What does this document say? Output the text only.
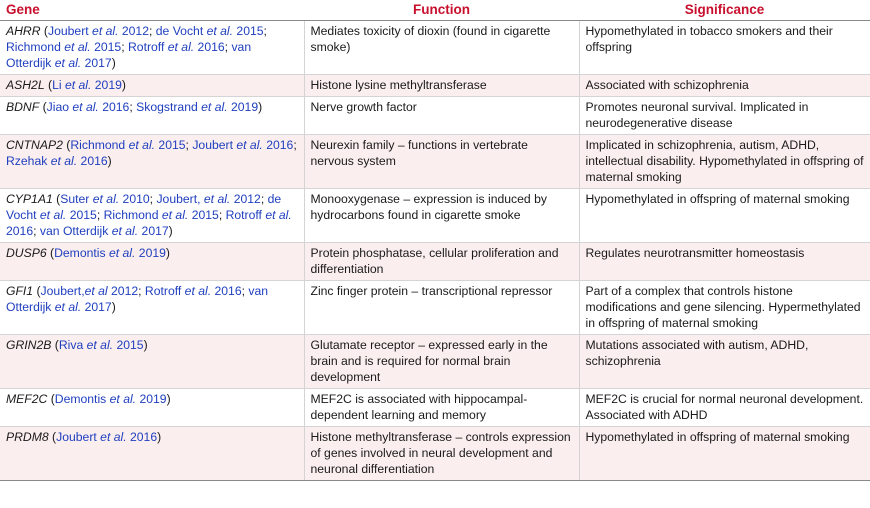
Gene	Function	Significance
AHRR (Joubert et al. 2012; de Vocht et al. 2015; Richmond et al. 2015; Rotroff et al. 2016; van Otterdijk et al. 2017)	Mediates toxicity of dioxin (found in cigarette smoke)	Hypomethylated in tobacco smokers and their offspring
ASH2L (Li et al. 2019)	Histone lysine methyltransferase	Associated with schizophrenia
BDNF (Jiao et al. 2016; Skogstrand et al. 2019)	Nerve growth factor	Promotes neuronal survival. Implicated in neurodegenerative disease
CNTNAP2 (Richmond et al. 2015; Joubert et al. 2016; Rzehak et al. 2016)	Neurexin family – functions in vertebrate nervous system	Implicated in schizophrenia, autism, ADHD, intellectual disability. Hypomethylated in offspring of maternal smoking
CYP1A1 (Suter et al. 2010; Joubert, et al. 2012; de Vocht et al. 2015; Richmond et al. 2015; Rotroff et al. 2016; van Otterdijk et al. 2017)	Monooxygenase – expression is induced by hydrocarbons found in cigarette smoke	Hypomethylated in offspring of maternal smoking
DUSP6 (Demontis et al. 2019)	Protein phosphatase, cellular proliferation and differentiation	Regulates neurotransmitter homeostasis
GFI1 (Joubert,et al 2012; Rotroff et al. 2016; van Otterdijk et al. 2017)	Zinc finger protein – transcriptional repressor	Part of a complex that controls histone modifications and gene silencing. Hypermethylated in offspring of maternal smoking
GRIN2B (Riva et al. 2015)	Glutamate receptor – expressed early in the brain and is required for normal brain development	Mutations associated with autism, ADHD, schizophrenia
MEF2C (Demontis et al. 2019)	MEF2C is associated with hippocampal-dependent learning and memory	MEF2C is crucial for normal neuronal development. Associated with ADHD
PRDM8 (Joubert et al. 2016)	Histone methyltransferase – controls expression of genes involved in neural development and neuronal differentiation	Hypomethylated in offspring of maternal smoking
